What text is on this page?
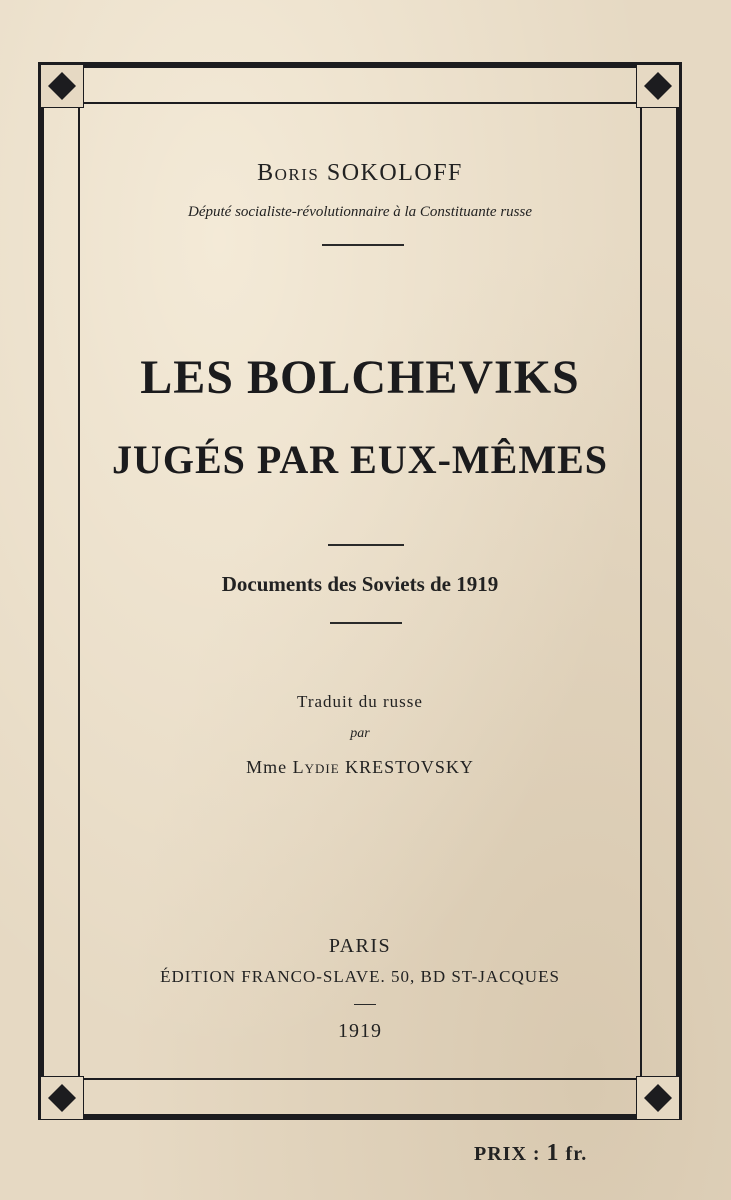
Boris SOKOLOFF
Député socialiste-révolutionnaire à la Constituante russe
LES BOLCHEVIKS
JUGÉS PAR EUX-MÊMES
Documents des Soviets de 1919
Traduit du russe
par
Mme Lydie KRESTOVSKY
PARIS
ÉDITION FRANCO-SLAVE. 50, BD ST-JACQUES
1919
PRIX : 1 fr.
